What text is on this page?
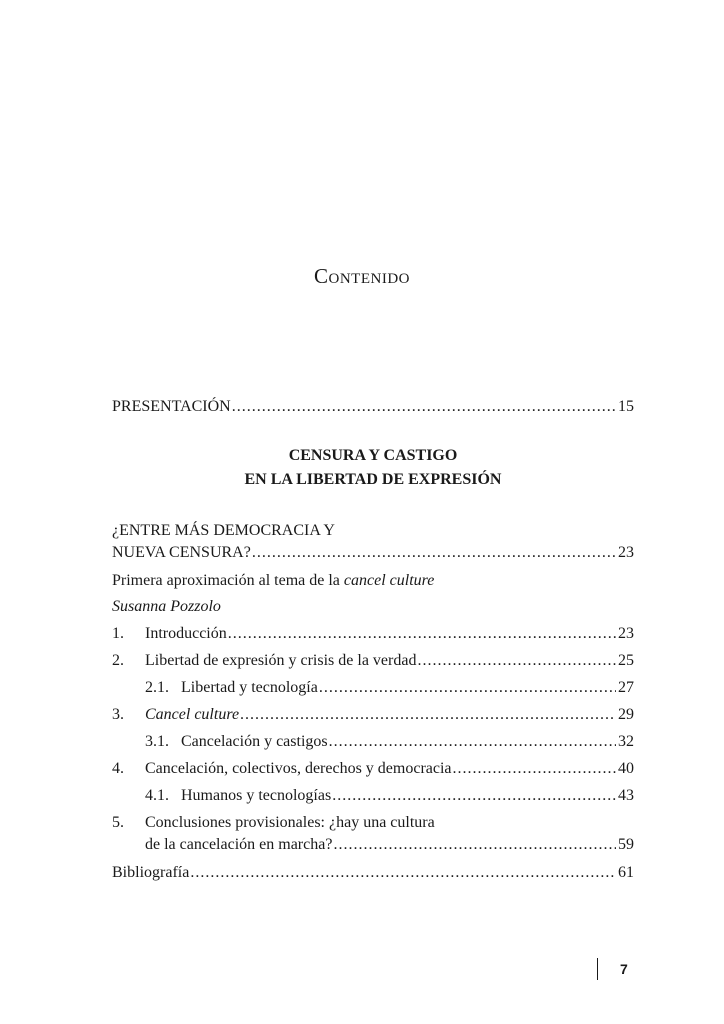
Contenido
PRESENTACIÓN .....	15
CENSURA Y CASTIGO
EN LA LIBERTAD DE EXPRESIÓN
¿ENTRE MÁS DEMOCRACIA Y
NUEVA CENSURA? .....	23
Primera aproximación al tema de la cancel culture
Susanna Pozzolo
1.	Introducción .....	23
2.	Libertad de expresión y crisis de la verdad .....	25
2.1. Libertad y tecnología .....	27
3.	Cancel culture .....	29
3.1. Cancelación y castigos .....	32
4.	Cancelación, colectivos, derechos y democracia .....	40
4.1. Humanos y tecnologías .....	43
5. Conclusiones provisionales: ¿hay una cultura
de la cancelación en marcha? .....	59
Bibliografía .....	61
7
